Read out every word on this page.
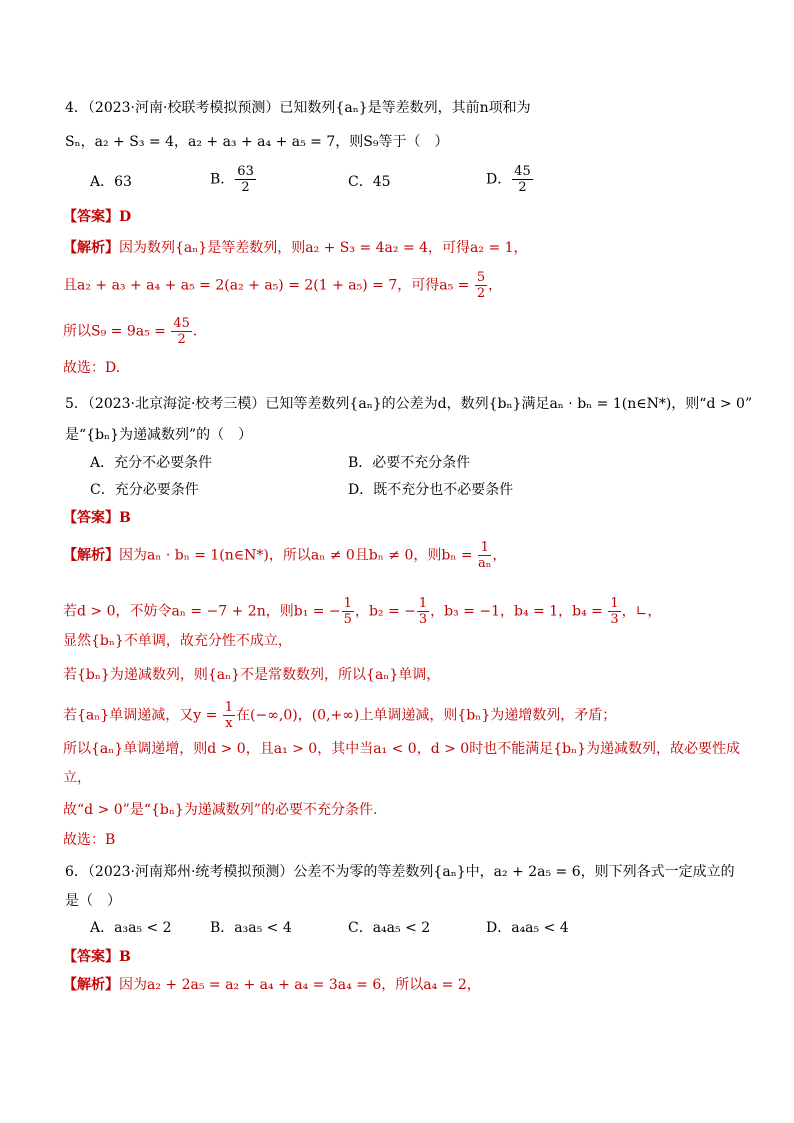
4．（2023·河南·校联考模拟预测）已知数列{aₙ}是等差数列，其前n项和为
Sₙ，a₂ + S₃ = 4，a₂ + a₃ + a₄ + a₅ = 7，则S₉等于（　）
A．63	B． $\frac{63}{2}$	C．45	D． $\frac{45}{2}$
【答案】D
【解析】因为数列{aₙ}是等差数列，则a₂ + S₃ = 4a₂ = 4，可得a₂ = 1，
且a₂ + a₃ + a₄ + a₅ = 2(a₂ + a₅) = 2(1 + a₅) = 7，可得$a_5 = \frac{5}{2}$ ，
所以$S_9 = 9a_5 = \frac{45}{2}$ .
故选：D.
5．（2023·北京海淀·校考三模）已知等差数列{aₙ}的公差为d，数列{bₙ}满足aₙ · bₙ = 1(n∈N*)，则“d > 0”
是“{bₙ}为递减数列”的（　）
A．充分不必要条件	B．必要不充分条件
C．充分必要条件	D．既不充分也不必要条件
【答案】B
【解析】因为aₙ · bₙ = 1(n∈N*)，所以aₙ ≠ 0且bₙ ≠ 0，则$b_n = \frac{1}{\text{aₙ}}$ ，
若d > 0，不妨令aₙ = −7 + 2n，则b₁ = − $\frac{1}{5}$ ，b₂ = − $\frac{1}{3}$ ，b₃ = −1，b₄ = 1，$b_4 = \frac{1}{3}$ ，∟，
显然{bₙ}不单调，故充分性不成立，
若{bₙ}为递减数列，则{aₙ}不是常数数列，所以{aₙ}单调，
若{aₙ}单调递减，又$y = \frac{1}{x}$ 在(−∞,0)，(0,+∞)上单调递减，则{bₙ}为递增数列，矛盾；
所以{aₙ}单调递增，则d > 0，且a₁ > 0，其中当a₁ < 0，d > 0时也不能满足{bₙ}为递减数列，故必要性成
立，
故“d > 0”是“{bₙ}为递减数列”的必要不充分条件.
故选：B
6．（2023·河南郑州·统考模拟预测）公差不为零的等差数列{aₙ}中，a₂ + 2a₅ = 6，则下列各式一定成立的
是（　）
A．a₃a₅ < 2	B．a₃a₅ < 4	C．a₄a₅ < 2	D．a₄a₅ < 4
【答案】B
【解析】因为a₂ + 2a₅ = a₂ + a₄ + a₄ = 3a₄ = 6，所以a₄ = 2，
